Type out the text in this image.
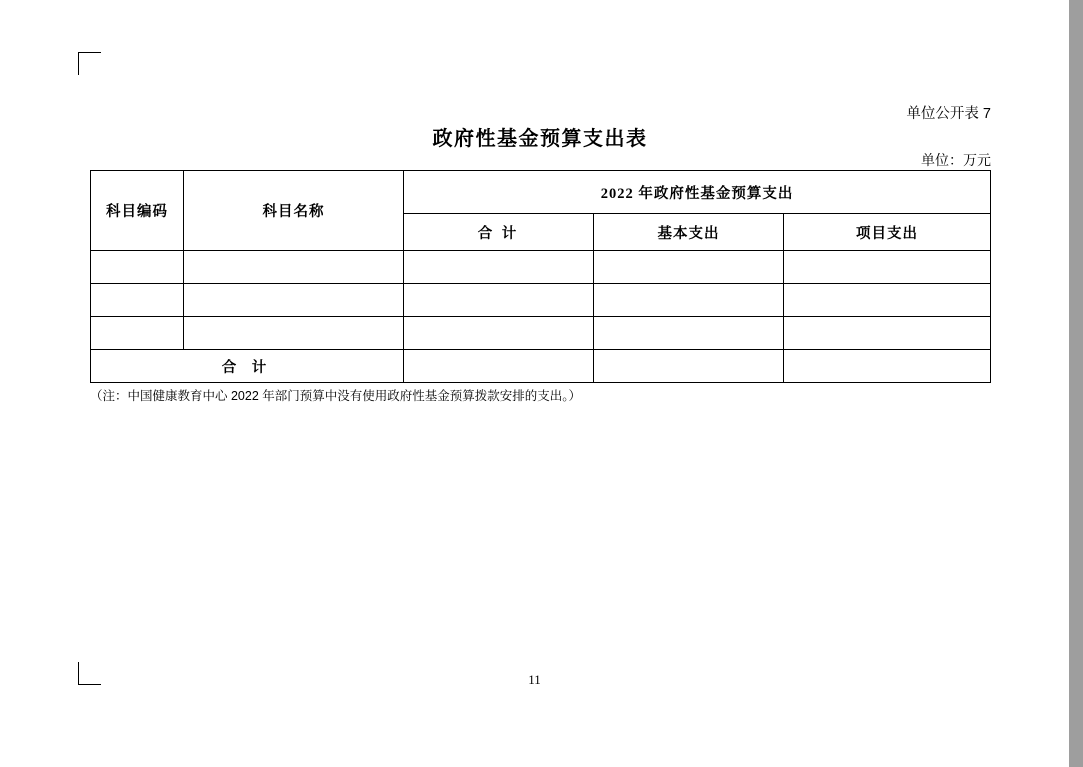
单位公开表 7
政府性基金预算支出表
单位：万元
科目编码	科目名称	2022 年政府性基金预算支出		
		合 计	基本支出	项目支出

合 计				
（注：中国健康教育中心 2022 年部门预算中没有使用政府性基金预算拨款安排的支出。）
11
